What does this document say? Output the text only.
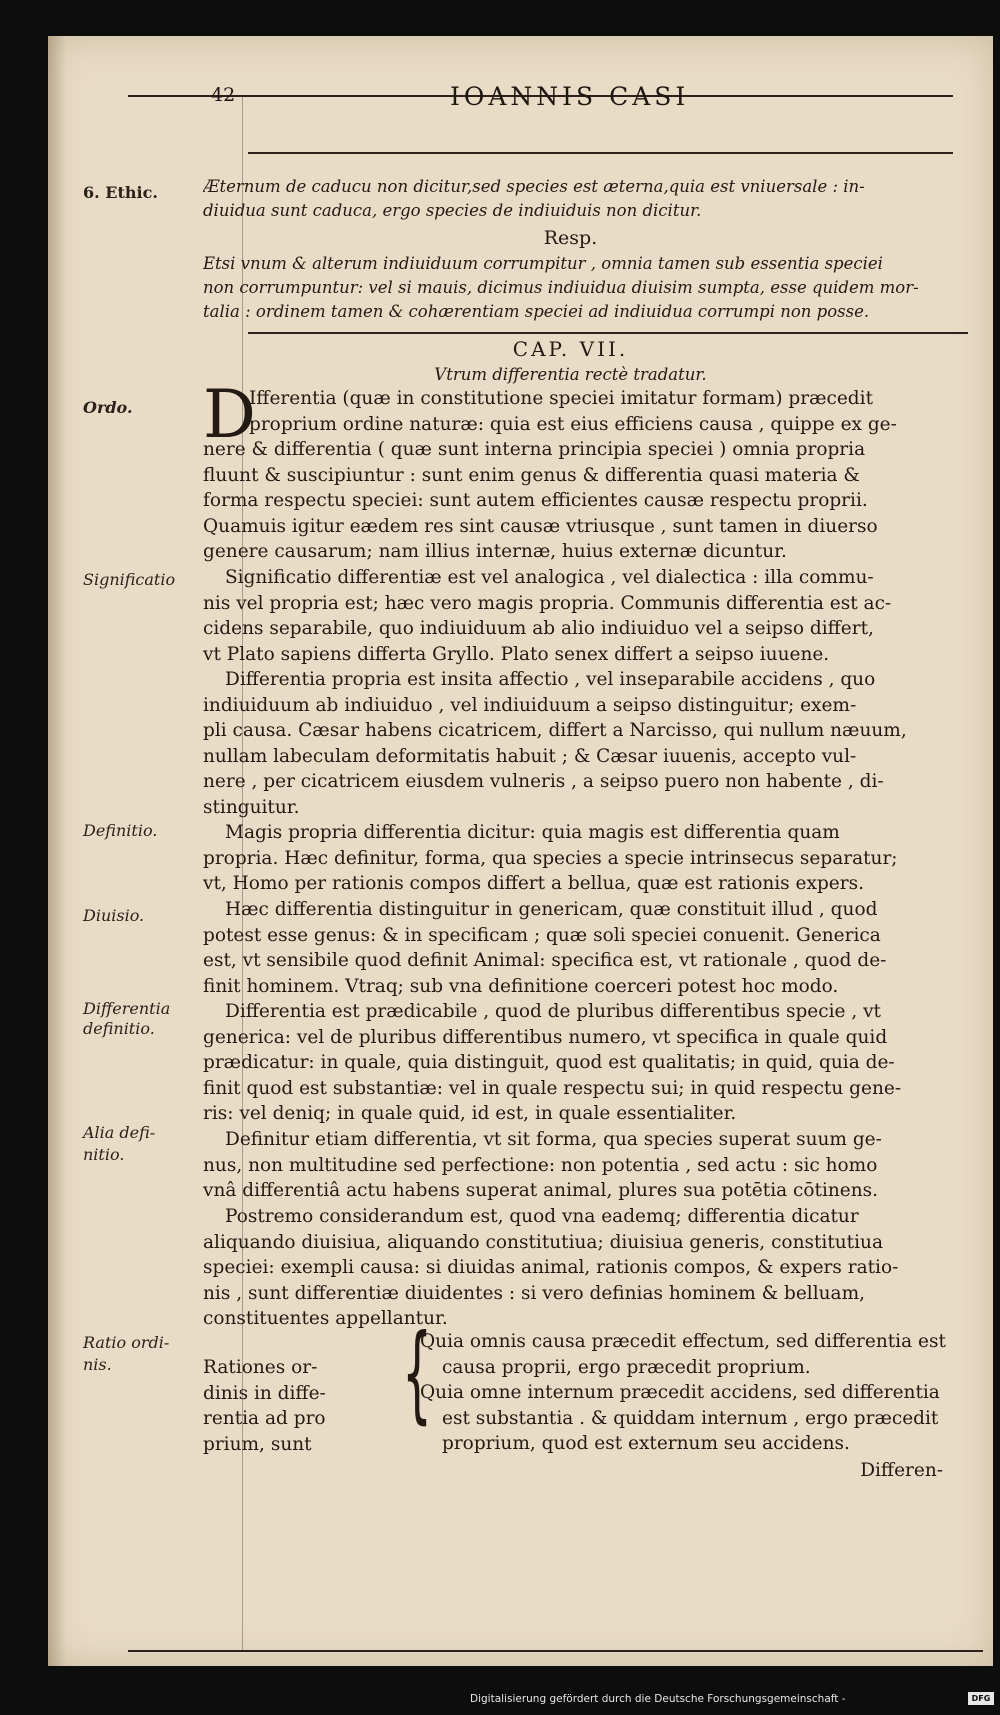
42	IOANNIS CASI
6. Ethic.
Ordo.
Significatio
Definitio.
Diuisio.
Differentia
definitio.
Alia defi-
nitio.
Ratio ordi-
nis.
Æternum de caducu non dicitur,sed species est æterna,quia est vniuersale : in-
diuidua sunt caduca, ergo species de indiuiduis non dicitur.
Resp.
Etsi vnum & alterum indiuiduum corrumpitur , omnia tamen sub essentia speciei
non corrumpuntur: vel si mauis, dicimus indiuidua diuisim sumpta, esse quidem mor-
talia : ordinem tamen & cohærentiam speciei ad indiuidua corrumpi non posse.
CAP. VII.
Vtrum differentia rectè tradatur.
D
Ifferentia (quæ in constitutione speciei imitatur formam) præcedit
proprium ordine naturæ: quia est eius efficiens causa , quippe ex ge-
nere & differentia ( quæ sunt interna principia speciei ) omnia propria
fluunt & suscipiuntur : sunt enim genus & differentia quasi materia &
forma respectu speciei: sunt autem efficientes causæ respectu proprii.
Quamuis igitur eædem res sint causæ vtriusque , sunt tamen in diuerso
genere causarum; nam illius internæ, huius externæ dicuntur.
Significatio differentiæ est vel analogica , vel dialectica : illa commu-
nis vel propria est; hæc vero magis propria. Communis differentia est ac-
cidens separabile, quo indiuiduum ab alio indiuiduo vel a seipso differt,
vt Plato sapiens differta Gryllo. Plato senex differt a seipso iuuene.
Differentia propria est insita affectio , vel inseparabile accidens , quo
indiuiduum ab indiuiduo , vel indiuiduum a seipso distinguitur; exem-
pli causa. Cæsar habens cicatricem, differt a Narcisso, qui nullum næuum,
nullam labeculam deformitatis habuit ; & Cæsar iuuenis, accepto vul-
nere , per cicatricem eiusdem vulneris , a seipso puero non habente , di-
stinguitur.
Magis propria differentia dicitur: quia magis est differentia quam
propria. Hæc definitur, forma, qua species a specie intrinsecus separatur;
vt, Homo per rationis compos differt a bellua, quæ est rationis expers.
Hæc differentia distinguitur in genericam, quæ constituit illud , quod
potest esse genus: & in specificam ; quæ soli speciei conuenit. Generica
est, vt sensibile quod definit Animal: specifica est, vt rationale , quod de-
finit hominem. Vtraq; sub vna definitione coerceri potest hoc modo.
Differentia est prædicabile , quod de pluribus differentibus specie , vt
generica: vel de pluribus differentibus numero, vt specifica in quale quid
prædicatur: in quale, quia distinguit, quod est qualitatis; in quid, quia de-
finit quod est substantiæ: vel in quale respectu sui; in quid respectu gene-
ris: vel deniq; in quale quid, id est, in quale essentialiter.
Definitur etiam differentia, vt sit forma, qua species superat suum ge-
nus, non multitudine sed perfectione: non potentia , sed actu : sic homo
vnâ differentiâ actu habens superat animal, plures sua potētia cōtinens.
Postremo considerandum est, quod vna eademq; differentia dicatur
aliquando diuisiua, aliquando constitutiua; diuisiua generis, constitutiua
speciei: exempli causa: si diuidas animal, rationis compos, & expers ratio-
nis , sunt differentiæ diuidentes : si vero definias hominem & belluam,
constituentes appellantur.
Rationes or-
dinis in diffe-
rentia ad pro
prium, sunt
{
Quia omnis causa præcedit effectum, sed differentia est
causa proprii, ergo præcedit proprium.
Quia omne internum præcedit accidens, sed differentia
est substantia . & quiddam internum , ergo præcedit
proprium, quod est externum seu accidens.
Differen-
Digitalisierung gefördert durch die Deutsche Forschungsgemeinschaft -	DFG
